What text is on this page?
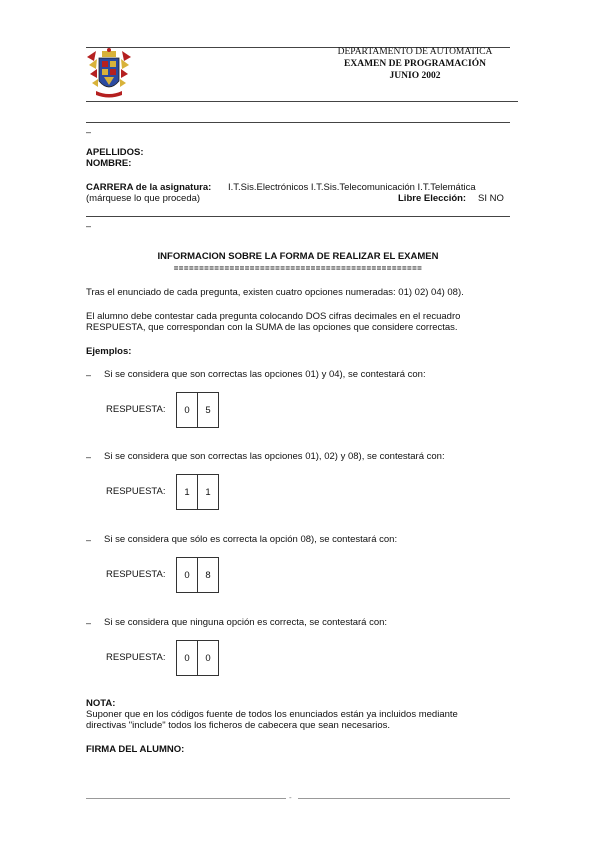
DEPARTAMENTO DE AUTOMATICA
EXAMEN DE PROGRAMACIÓN
JUNIO 2002
–
APELLIDOS:
NOMBRE:
CARRERA de la asignatura: I.T.Sis.Electrónicos I.T.Sis.Telecomunicación I.T.Telemática
(márquese lo que proceda)	Libre Elección: SI NO
–
INFORMACION SOBRE LA FORMA DE REALIZAR EL EXAMEN
=================================================
Tras el enunciado de cada pregunta, existen cuatro opciones numeradas: 01) 02) 04) 08).
El alumno debe contestar cada pregunta colocando DOS cifras decimales en el recuadro
RESPUESTA, que correspondan con la SUMA de las opciones que considere correctas.
Ejemplos:
– Si se considera que son correctas las opciones 01) y 04), se contestará con:
RESPUESTA:	0	5
– Si se considera que son correctas las opciones 01), 02) y 08), se contestará con:
RESPUESTA:	1	1
– Si se considera que sólo es correcta la opción 08), se contestará con:
RESPUESTA:	0	8
– Si se considera que ninguna opción es correcta, se contestará con:
RESPUESTA:	0	0
NOTA:
Suponer que en los códigos fuente de todos los enunciados están ya incluidos mediante
directivas "include" todos los ficheros de cabecera que sean necesarios.
FIRMA DEL ALUMNO:
-
